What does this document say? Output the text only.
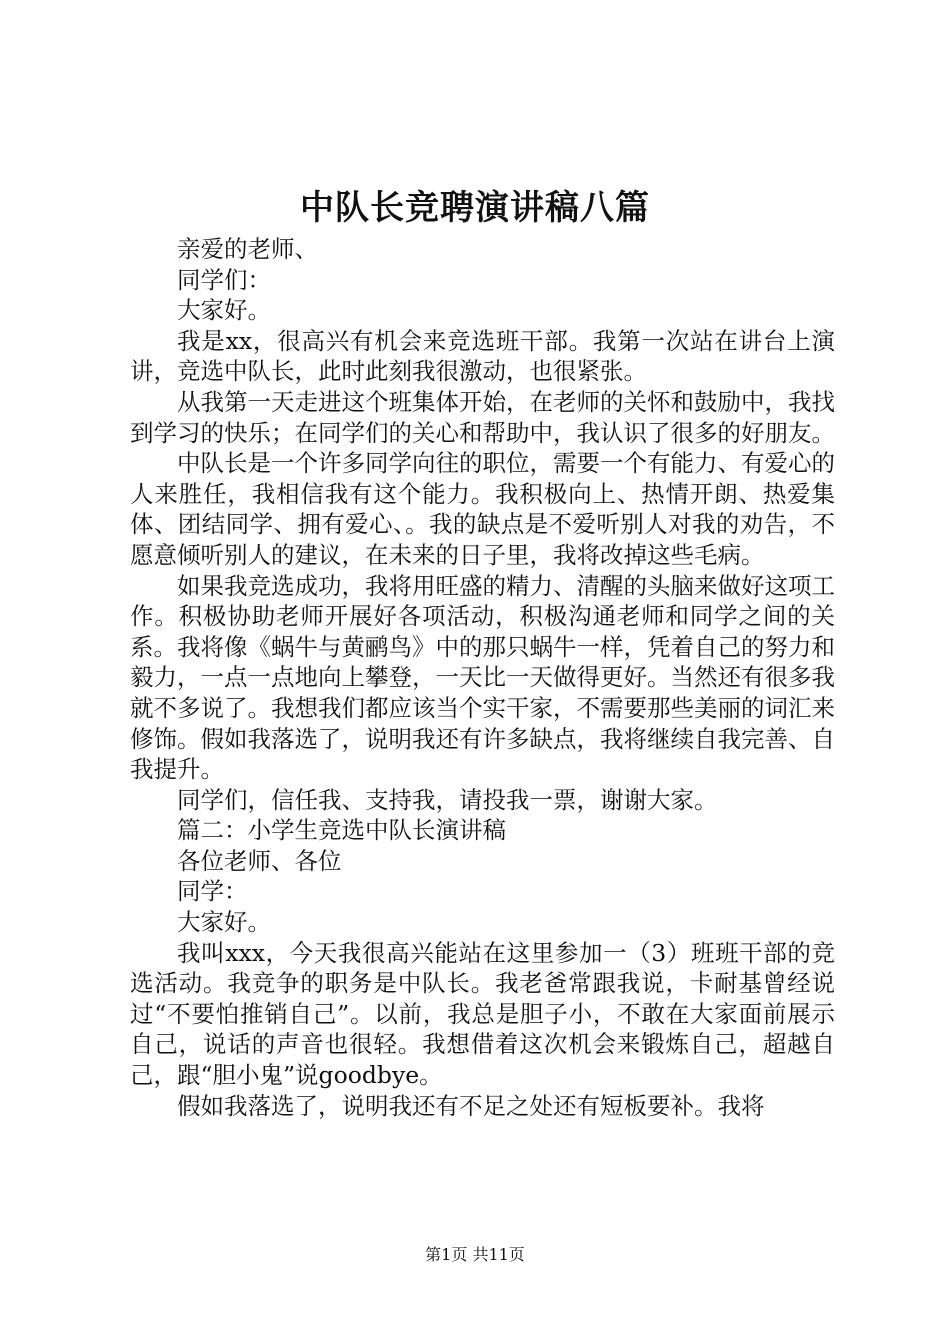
中队长竞聘演讲稿八篇

亲爱的老师、

同学们：

大家好。

我是xx，很高兴有机会来竞选班干部。我第一次站在讲台上演讲，竞选中队长，此时此刻我很激动，也很紧张。

从我第一天走进这个班集体开始，在老师的关怀和鼓励中，我找到学习的快乐；在同学们的关心和帮助中，我认识了很多的好朋友。

中队长是一个许多同学向往的职位，需要一个有能力、有爱心的人来胜任，我相信我有这个能力。我积极向上、热情开朗、热爱集体、团结同学、拥有爱心、。我的缺点是不爱听别人对我的劝告，不愿意倾听别人的建议，在未来的日子里，我将改掉这些毛病。

如果我竞选成功，我将用旺盛的精力、清醒的头脑来做好这项工作。积极协助老师开展好各项活动，积极沟通老师和同学之间的关系。我将像《蜗牛与黄鹂鸟》中的那只蜗牛一样，凭着自己的努力和毅力，一点一点地向上攀登，一天比一天做得更好。当然还有很多我就不多说了。我想我们都应该当个实干家，不需要那些美丽的词汇来修饰。假如我落选了，说明我还有许多缺点，我将继续自我完善、自我提升。

同学们，信任我、支持我，请投我一票，谢谢大家。

篇二：小学生竞选中队长演讲稿

各位老师、各位

同学：

大家好。

我叫xxx，今天我很高兴能站在这里参加一（3）班班干部的竞选活动。我竞争的职务是中队长。我老爸常跟我说，卡耐基曾经说过“不要怕推销自己”。以前，我总是胆子小，不敢在大家面前展示自己，说话的声音也很轻。我想借着这次机会来锻炼自己，超越自己，跟“胆小鬼”说goodbye。

假如我落选了，说明我还有不足之处还有短板要补。我将

第1页 共11页
